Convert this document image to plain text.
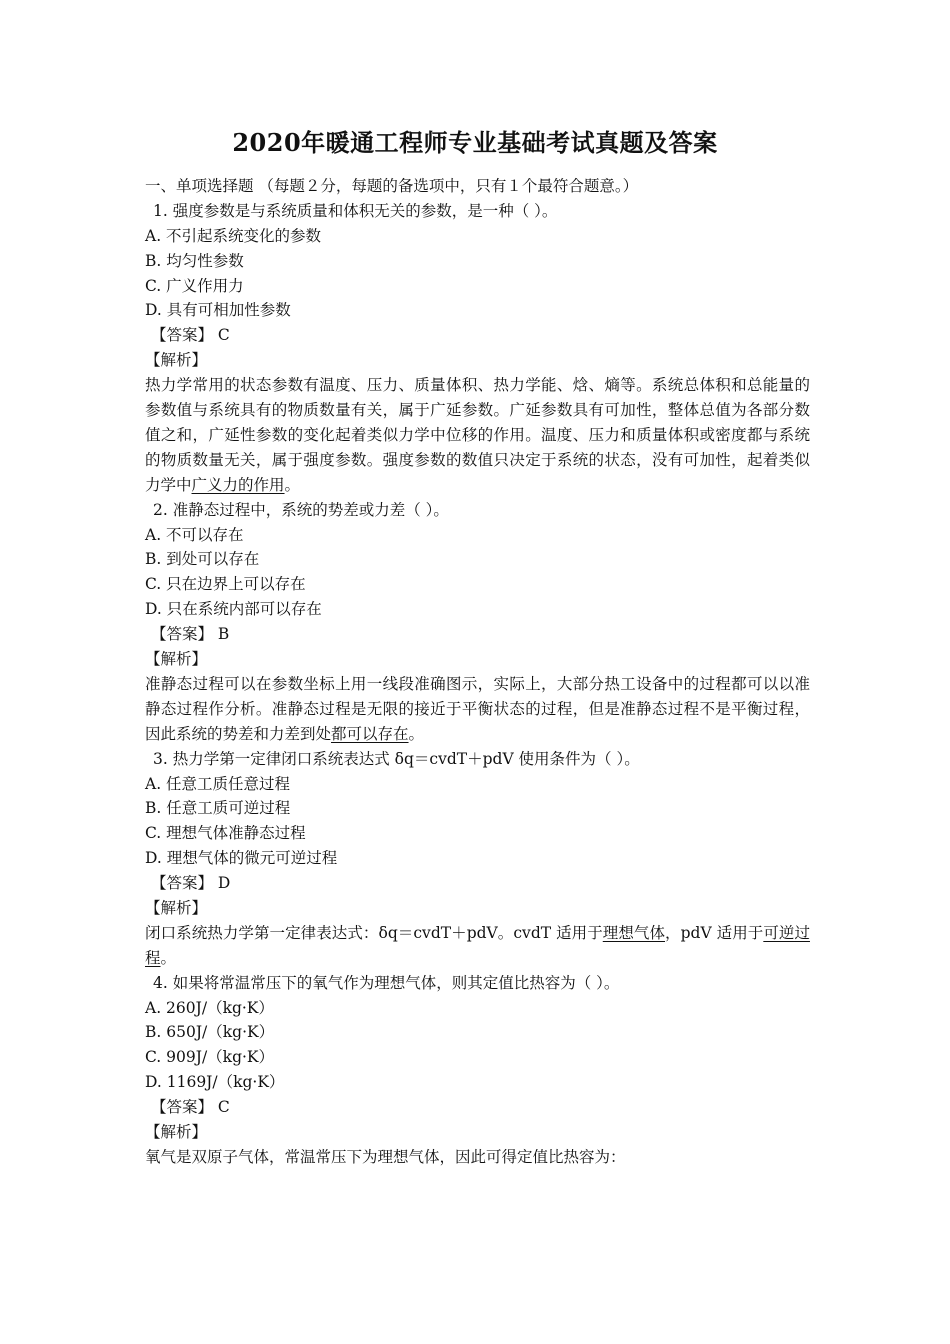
2020年暖通工程师专业基础考试真题及答案
一、单项选择题 （每题２分，每题的备选项中，只有１个最符合题意。）
1. 强度参数是与系统质量和体积无关的参数，是一种（ ）。
A. 不引起系统变化的参数
B. 均匀性参数
C. 广义作用力
D. 具有可相加性参数
【答案】 C
【解析】
热力学常用的状态参数有温度、压力、质量体积、热力学能、焓、熵等。系统总体积和总能量的参数值与系统具有的物质数量有关，属于广延参数。广延参数具有可加性，整体总值为各部分数值之和，广延性参数的变化起着类似力学中位移的作用。温度、压力和质量体积或密度都与系统的物质数量无关，属于强度参数。强度参数的数值只决定于系统的状态，没有可加性，起着类似力学中广义力的作用。
2. 准静态过程中，系统的势差或力差（ ）。
A. 不可以存在
B. 到处可以存在
C. 只在边界上可以存在
D. 只在系统内部可以存在
【答案】 B
【解析】
准静态过程可以在参数坐标上用一线段准确图示，实际上，大部分热工设备中的过程都可以以准静态过程作分析。准静态过程是无限的接近于平衡状态的过程，但是准静态过程不是平衡过程，因此系统的势差和力差到处都可以存在。
3. 热力学第一定律闭口系统表达式 δq＝cvdT＋pdV 使用条件为（ ）。
A. 任意工质任意过程
B. 任意工质可逆过程
C. 理想气体准静态过程
D. 理想气体的微元可逆过程
【答案】 D
【解析】
闭口系统热力学第一定律表达式：δq＝cvdT＋pdV。cvdT 适用于理想气体，pdV 适用于可逆过程。
4. 如果将常温常压下的氧气作为理想气体，则其定值比热容为（ ）。
A. 260J/（kg·K）
B. 650J/（kg·K）
C. 909J/（kg·K）
D. 1169J/（kg·K）
【答案】 C
【解析】
氧气是双原子气体，常温常压下为理想气体，因此可得定值比热容为：
